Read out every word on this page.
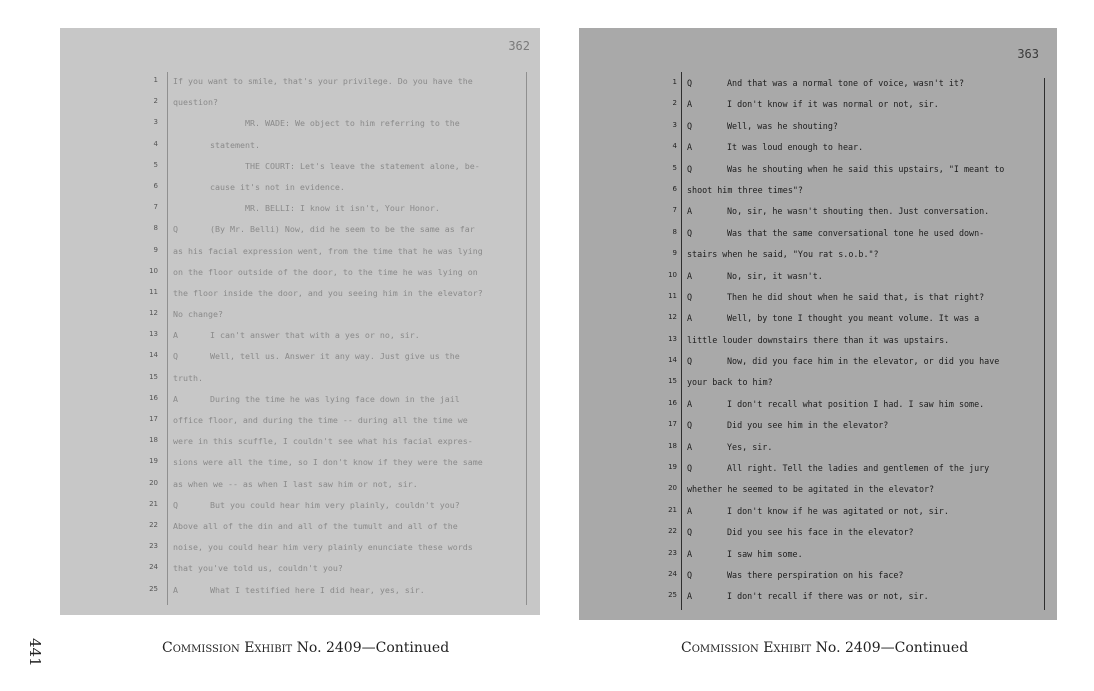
441
362
1 If you want to smile, that's your privilege. Do you have the
2 question?
3	MR. WADE: We object to him referring to the
4	statement.
5	THE COURT: Let's leave the statement alone, be-
6	cause it's not in evidence.
7	MR. BELLI: I know it isn't, Your Honor.
8 Q	(By Mr. Belli) Now, did he seem to be the same as far
9 as his facial expression went, from the time that he was lying
10 on the floor outside of the door, to the time he was lying on
11 the floor inside the door, and you seeing him in the elevator?
12 No change?
13 A	I can't answer that with a yes or no, sir.
14 Q	Well, tell us. Answer it any way. Just give us the
15 truth.
16 A	During the time he was lying face down in the jail
17 office floor, and during the time -- during all the time we
18 were in this scuffle, I couldn't see what his facial expres-
19 sions were all the time, so I don't know if they were the same
20 as when we -- as when I last saw him or not, sir.
21 Q	But you could hear him very plainly, couldn't you?
22 Above all of the din and all of the tumult and all of the
23 noise, you could hear him very plainly enunciate these words
24 that you've told us, couldn't you?
25 A	What I testified here I did hear, yes, sir.
363
1 Q	And that was a normal tone of voice, wasn't it?
2 A	I don't know if it was normal or not, sir.
3 Q	Well, was he shouting?
4 A	It was loud enough to hear.
5 Q	Was he shouting when he said this upstairs, "I meant to
6 shoot him three times"?
7 A	No, sir, he wasn't shouting then. Just conversation.
8 Q	Was that the same conversational tone he used down-
9 stairs when he said, "You rat s.o.b."?
10 A	No, sir, it wasn't.
11 Q	Then he did shout when he said that, is that right?
12 A	Well, by tone I thought you meant volume. It was a
13 little louder downstairs there than it was upstairs.
14 Q	Now, did you face him in the elevator, or did you have
15 your back to him?
16 A	I don't recall what position I had. I saw him some.
17 Q	Did you see him in the elevator?
18 A	Yes, sir.
19 Q	All right. Tell the ladies and gentlemen of the jury
20 whether he seemed to be agitated in the elevator?
21 A	I don't know if he was agitated or not, sir.
22 Q	Did you see his face in the elevator?
23 A	I saw him some.
24 Q	Was there perspiration on his face?
25 A	I don't recall if there was or not, sir.
Commission Exhibit No. 2409—Continued	Commission Exhibit No. 2409—Continued
